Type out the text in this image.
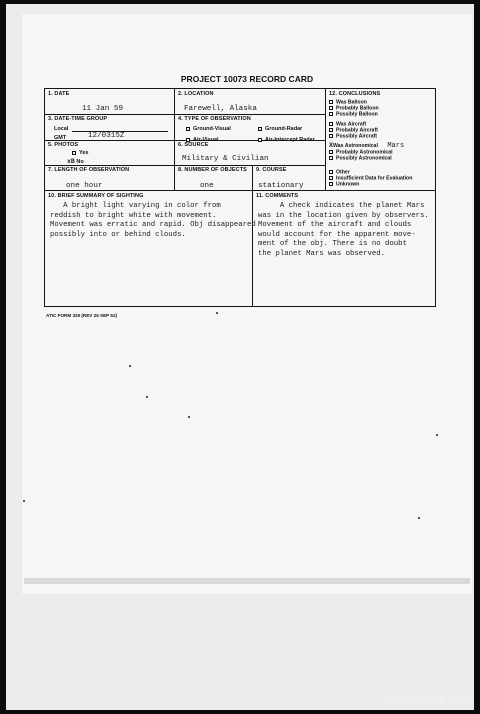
PROJECT 10073 RECORD CARD
1. DATE
11 Jan 59
2. LOCATION
Farewell, Alaska
3. DATE-TIME GROUP
Local
GMT	12/0315Z
4. TYPE OF OBSERVATION
Ground-Visual	Ground-Radar
Air-Visual	Air-Intercept Radar
5. PHOTOS
Yes
xB No
6. SOURCE
Military & Civilian
7. LENGTH OF OBSERVATION
one hour
8. NUMBER OF OBJECTS
one
9. COURSE
stationary
12. CONCLUSIONS
Was Balloon
Probably Balloon
Possibly Balloon
Was Aircraft
Probably Aircraft
Possibly Aircraft
XWas Astronomical Mars
Probably Astronomical
Possibly Astronomical
Other
Insufficient Data for Evaluation
Unknown
10. BRIEF SUMMARY OF SIGHTING
A bright light varying in color from
reddish to bright white with movement.
Movement was erratic and rapid. Obj disappeared
possibly into or behind clouds.
11. COMMENTS
A check indicates the planet Mars
was in the location given by observers.
Movement of the aircraft and clouds
would account for the apparent move-
ment of the obj. There is no doubt
the planet Mars was observed.
ATIC FORM 329 (REV 26 SEP 52)
comicbooks.com
